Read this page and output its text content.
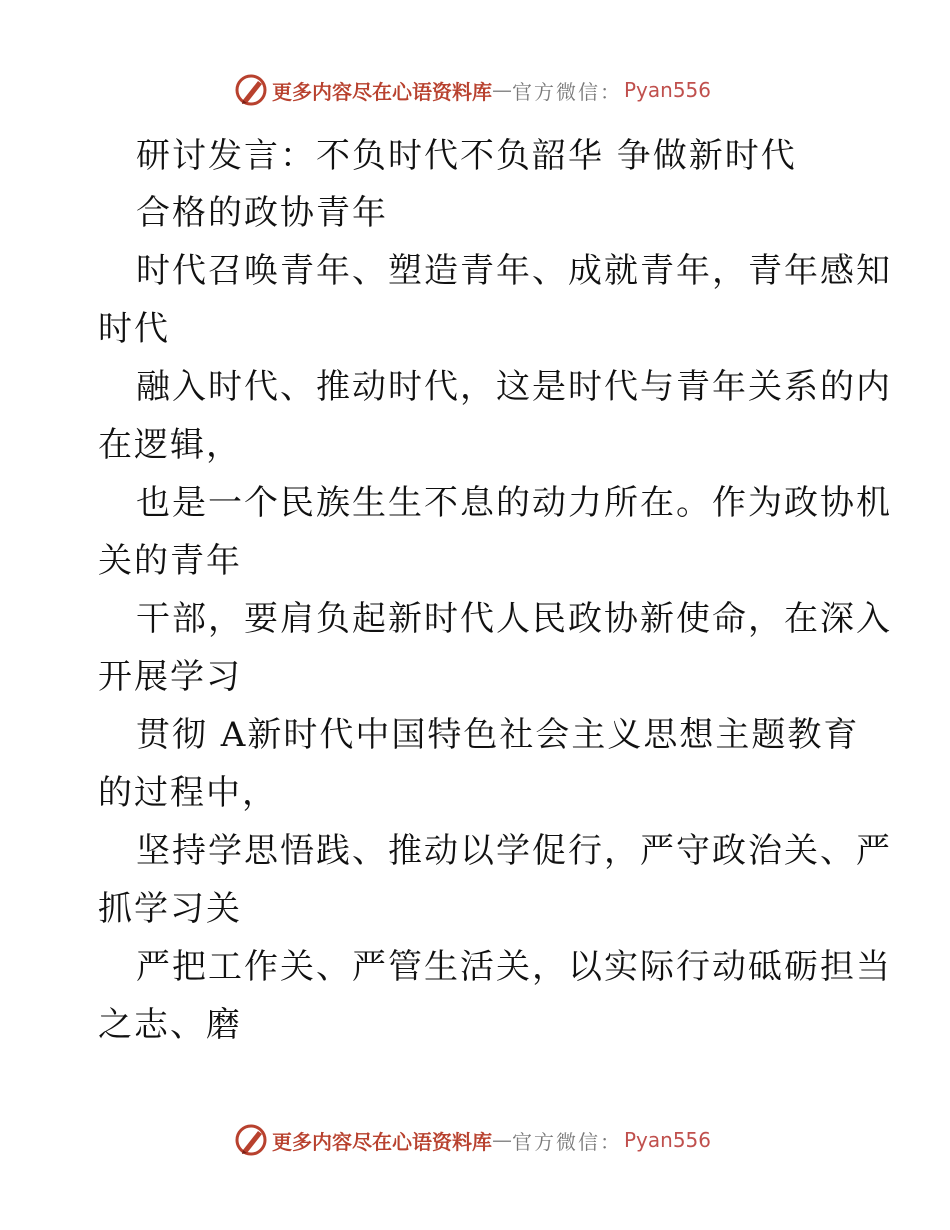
更多内容尽在心语资料库 — 官方微信： Pyan556
研讨发言：不负时代不负韶华 争做新时代
合格的政协青年
时代召唤青年、塑造青年、成就青年，青年感知
时代
融入时代、推动时代，这是时代与青年关系的内
在逻辑，
也是一个民族生生不息的动力所在。作为政协机
关的青年
干部，要肩负起新时代人民政协新使命，在深入
开展学习
贯彻 A新时代中国特色社会主义思想主题教育
的过程中，
坚持学思悟践、推动以学促行，严守政治关、严
抓学习关
严把工作关、严管生活关，以实际行动砥砺担当
之志、磨
更多内容尽在心语资料库 — 官方微信： Pyan556
